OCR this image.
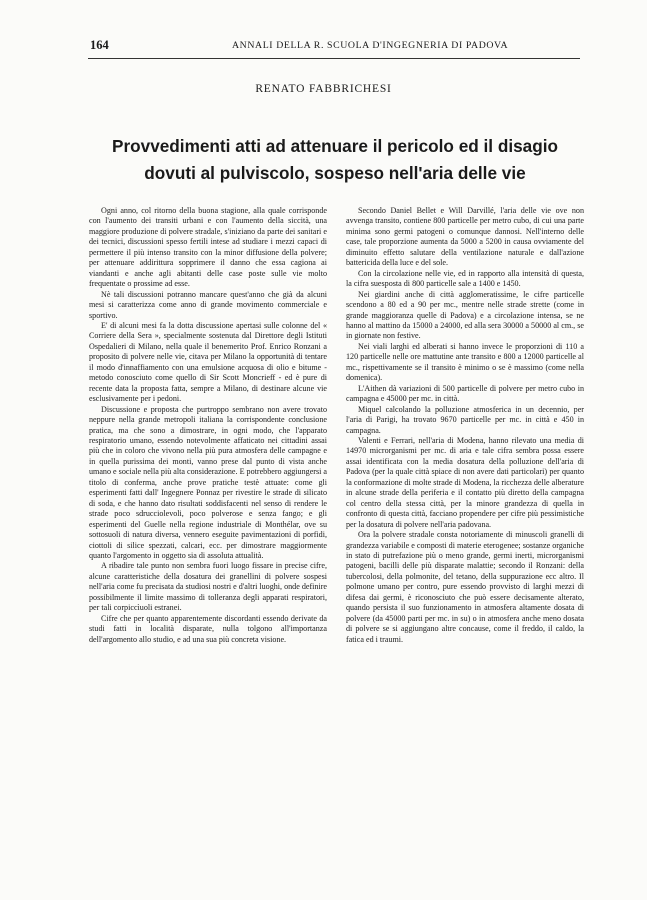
164	ANNALI DELLA R. SCUOLA D'INGEGNERIA DI PADOVA
RENATO FABBRICHESI
Provvedimenti atti ad attenuare il pericolo ed il disagio
dovuti al pulviscolo, sospeso nell'aria delle vie

Ogni anno, col ritorno della buona stagione, alla quale corrisponde con l'aumento dei transiti urbani e con l'aumento della siccità, una maggiore produzione di polvere stradale, s'iniziano da parte dei sanitari e dei tecnici, discussioni spesso fertili intese ad studiare i mezzi capaci di permettere il più intenso transito con la minor diffusione della polvere; per attenuare addirittura sopprimere il danno che essa cagiona ai viandanti e anche agli abitanti delle case poste sulle vie molto frequentate o prossime ad esse.

Nè tali discussioni potranno mancare quest'anno che già da alcuni mesi si caratterizza come anno di grande movimento commerciale e sportivo.

E' di alcuni mesi fa la dotta discussione apertasi sulle colonne del « Corriere della Sera », specialmente sostenuta dal Direttore degli Istituti Ospedalieri di Milano, nella quale il benemerito Prof. Enrico Ronzani a proposito di polvere nelle vie, citava per Milano la opportunità di tentare il modo d'innaffiamento con una emulsione acquosa di olio e bitume - metodo conosciuto come quello di Sir Scott Moncrieff - ed è pure di recente data la proposta fatta, sempre a Milano, di destinare alcune vie esclusivamente per i pedoni.

Discussione e proposta che purtroppo sembrano non avere trovato neppure nella grande metropoli italiana la corrispondente conclusione pratica, ma che sono a dimostrare, in ogni modo, che l'apparato respiratorio umano, essendo notevolmente affaticato nei cittadini assai più che in coloro che vivono nella più pura atmosfera delle campagne e in quella purissima dei monti, vanno prese dal punto di vista anche umano e sociale nella più alta considerazione. E potrebbero aggiungersi a titolo di conferma, anche prove pratiche testè attuate: come gli esperimenti fatti dall' Ingegnere Ponnaz per rivestire le strade di silicato di soda, e che hanno dato risultati soddisfacenti nel senso di rendere le strade poco sdrucciolevoli, poco polverose e senza fango; e gli esperimenti del Guelle nella regione industriale di Monthélar, ove su sottosuoli di natura diversa, vennero eseguite pavimentazioni di porfidi, ciottoli di silice spezzati, calcari, ecc. per dimostrare maggiormente quanto l'argomento in oggetto sia di assoluta attualità.

A ribadire tale punto non sembra fuori luogo fissare in precise cifre, alcune caratteristiche della dosatura dei granellini di polvere sospesi nell'aria come fu precisata da studiosi nostri e d'altri luoghi, onde definire possibilmente il limite massimo di tolleranza degli apparati respiratori, per tali corpiccìuoli estranei.

Cifre che per quanto apparentemente discordanti essendo derivate da studi fatti in località disparate, nulla tolgono all'importanza dell'argomento allo studio, e ad una sua più concreta visione.

Secondo Daniel Bellet e Will Darvillé, l'aria delle vie ove non avvenga transito, contiene 800 particelle per metro cubo, di cui una parte minima sono germi patogeni o comunque dannosi. Nell'interno delle case, tale proporzione aumenta da 5000 a 5200 in causa ovviamente del diminuito effetto salutare della ventilazione naturale e dall'azione battericida della luce e del sole.

Con la circolazione nelle vie, ed in rapporto alla intensità di questa, la cifra suesposta di 800 particelle sale a 1400 e 1450.

Nei giardini anche di città agglomeratissime, le cifre particelle scendono a 80 ed a 90 per mc., mentre nelle strade strette (come in grande maggioranza quelle di Padova) e a circolazione intensa, se ne hanno al mattino da 15000 a 24000, ed alla sera 30000 a 50000 al cm., se in giornate non festive.

Nei viali larghi ed alberati si hanno invece le proporzioni di 110 a 120 particelle nelle ore mattutine ante transito e 800 a 12000 particelle al mc., rispettivamente se il transito è minimo o se è massimo (come nella domenica).

L'Aithen dà variazioni di 500 particelle di polvere per metro cubo in campagna e 45000 per mc. in città.

Miquel calcolando la polluzione atmosferica in un decennio, per l'aria di Parigi, ha trovato 9670 particelle per mc. in città e 450 in campagna.

Valenti e Ferrari, nell'aria di Modena, hanno rilevato una media di 14970 microrganismi per mc. di aria e tale cifra sembra possa essere assai identificata con la media dosatura della polluzione dell'aria di Padova (per la quale città spiace di non avere dati particolari) per quanto la conformazione di molte strade di Modena, la ricchezza delle alberature in alcune strade della periferia e il contatto più diretto della campagna col centro della stessa città, per la minore grandezza di quella in confronto di questa città, facciano propendere per cifre più pessimistiche per la dosatura di polvere nell'aria padovana.

Ora la polvere stradale consta notoriamente di minuscoli granelli di grandezza variabile e composti di materie eterogenee; sostanze organiche in stato di putrefazione più o meno grande, germi inerti, microrganismi patogeni, bacilli delle più disparate malattie; secondo il Ronzani: della tubercolosi, della polmonite, del tetano, della suppurazione ecc altro. Il polmone umano per contro, pure essendo provvisto di larghi mezzi di difesa dai germi, è riconosciuto che può essere decisamente alterato, quando persista il suo funzionamento in atmosfera altamente dosata di polvere (da 45000 parti per mc. in su) o in atmosfera anche meno dosata di polvere se si aggiungano altre concause, come il freddo, il caldo, la fatica ed i traumi.
